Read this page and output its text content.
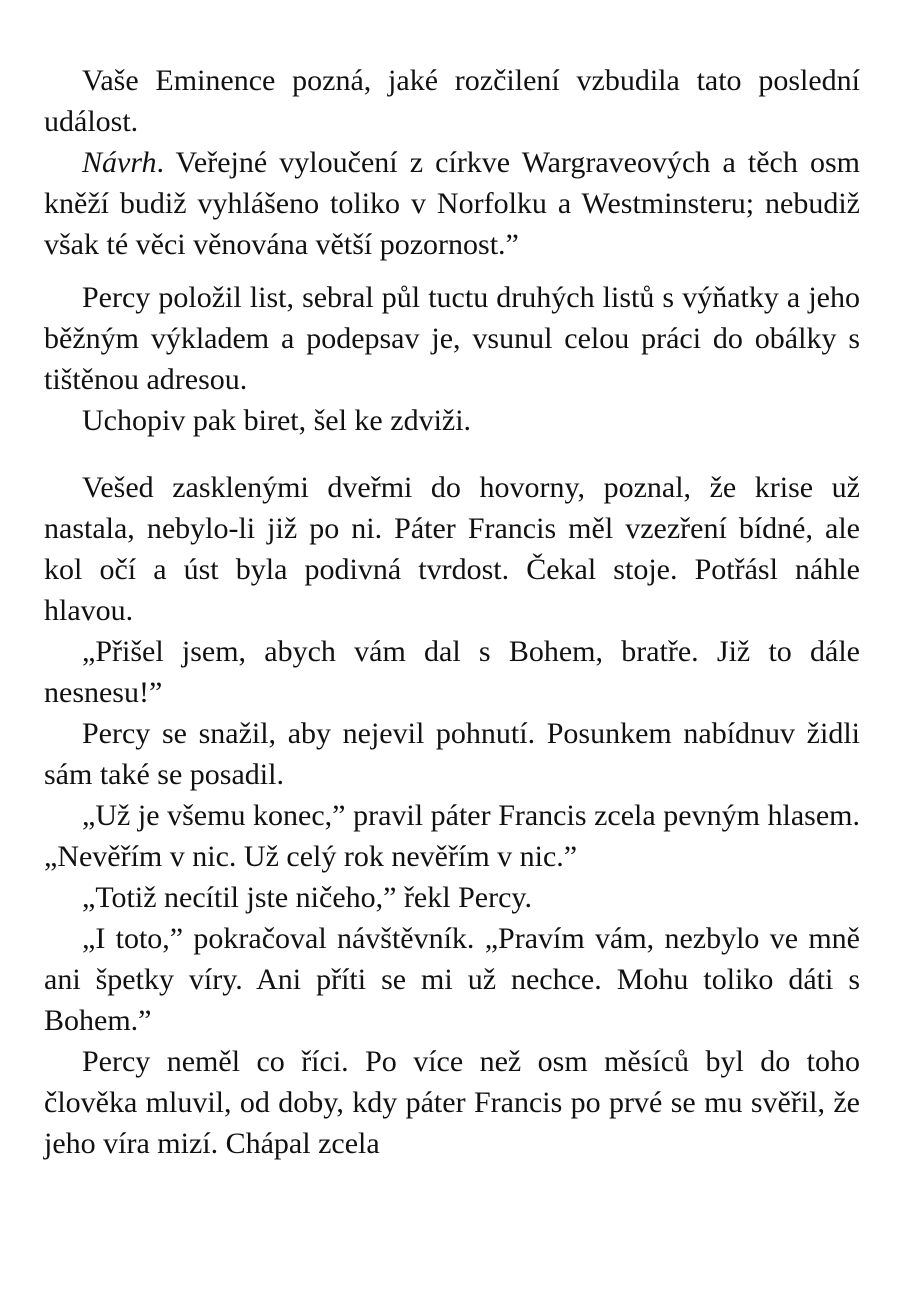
Vaše Eminence pozná, jaké rozčilení vzbudila tato poslední událost.

Návrh. Veřejné vyloučení z církve Wargraveových a těch osm kněží budiž vyhlášeno toliko v Norfolku a Westminsteru; nebudiž však té věci věnována větší pozornost.”

Percy položil list, sebral půl tuctu druhých listů s výňatky a jeho běžným výkladem a podepsav je, vsunul celou práci do obálky s tištěnou adresou.

Uchopiv pak biret, šel ke zdviži.

Vešed zasklenými dveřmi do hovorny, poznal, že krise už nastala, nebylo-li již po ni. Páter Francis měl vzezření bídné, ale kol očí a úst byla podivná tvrdost. Čekal stoje. Potřásl náhle hlavou.

„Přišel jsem, abych vám dal s Bohem, bratře. Již to dále nesnesu!”

Percy se snažil, aby nejevil pohnutí. Posunkem nabídnuv židli sám také se posadil.

„Už je všemu konec,” pravil páter Francis zcela pevným hlasem. „Nevěřím v nic. Už celý rok nevěřím v nic.”

„Totiž necítil jste ničeho,” řekl Percy.

„I toto,” pokračoval návštěvník. „Pravím vám, nezbylo ve mně ani špetky víry. Ani příti se mi už nechce. Mohu toliko dáti s Bohem.”

Percy neměl co říci. Po více než osm měsíců byl do toho člověka mluvil, od doby, kdy páter Francis po prvé se mu svěřil, že jeho víra mizí. Chápal zcela
